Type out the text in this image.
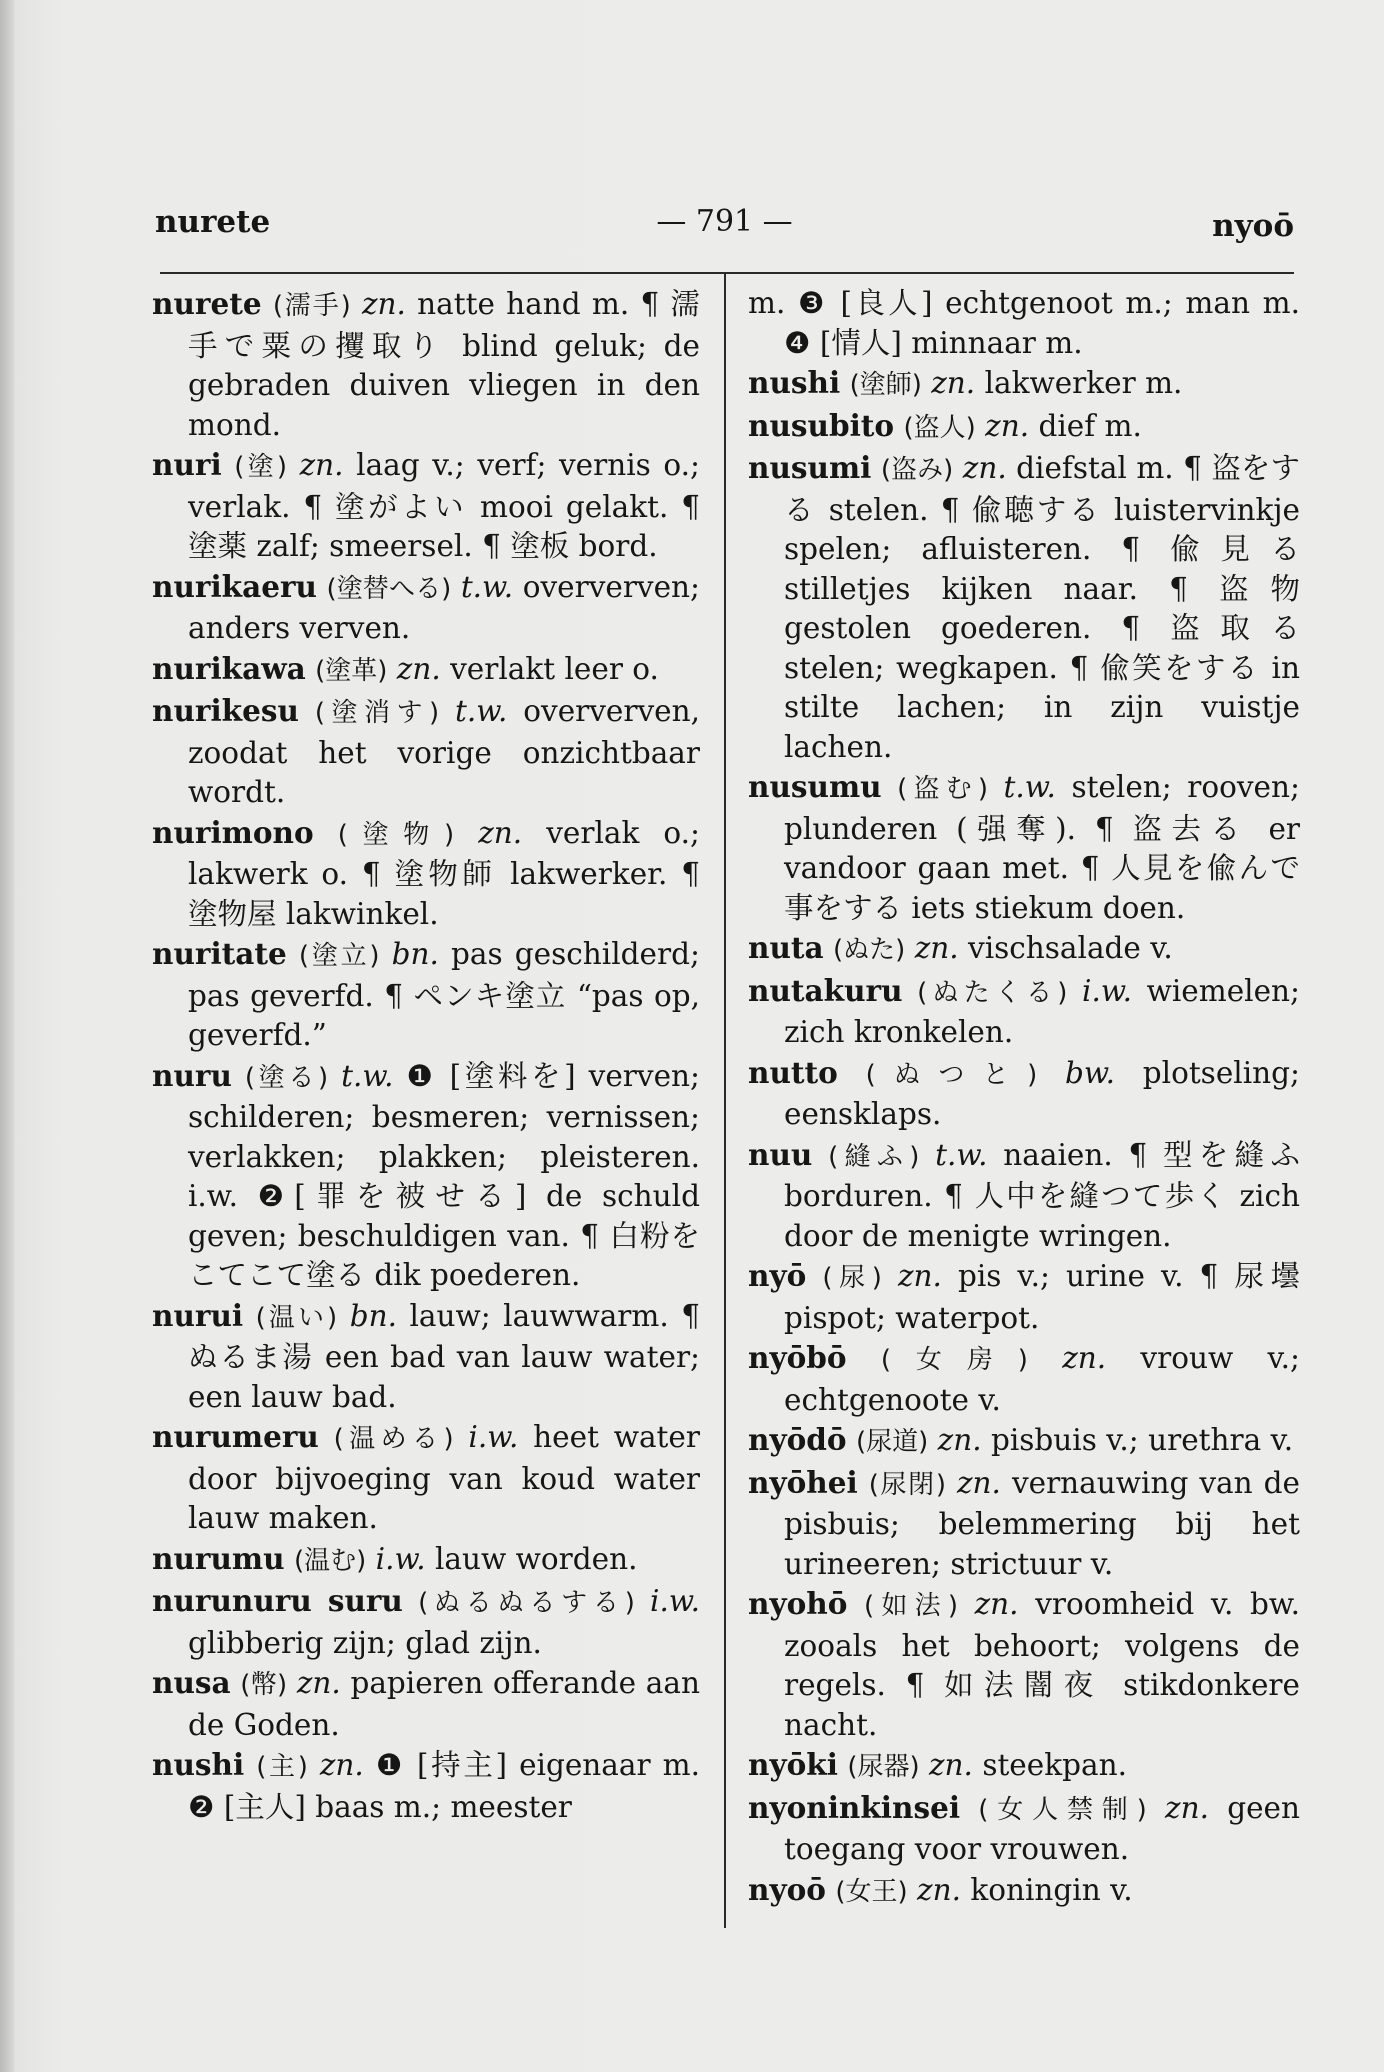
nurete	— 791 —	nyoō

nurete (濡手) zn. natte hand m. ¶ 濡手で粟の攫取り blind geluk; de gebraden duiven vliegen in den mond.

nuri (塗) zn. laag v.; verf; vernis o.; verlak. ¶ 塗がよい mooi gelakt. ¶ 塗薬 zalf; smeersel. ¶ 塗板 bord.

nurikaeru (塗替へる) t.w. oververven; anders verven.

nurikawa (塗革) zn. verlakt leer o.

nurikesu (塗消す) t.w. oververven, zoodat het vorige onzichtbaar wordt.

nurimono (塗物) zn. verlak o.; lakwerk o. ¶ 塗物師 lakwerker. ¶ 塗物屋 lakwinkel.

nuritate (塗立) bn. pas geschilderd; pas geverfd. ¶ ペンキ塗立 “pas op, geverfd.”

nuru (塗る) t.w. ❶ [塗料を] verven; schilderen; besmeren; vernissen; verlakken; plakken; pleisteren. i.w. ❷[罪を被せる] de schuld geven; beschuldigen van. ¶ 白粉をこてこて塗る dik poederen.

nurui (温い) bn. lauw; lauwwarm. ¶ ぬるま湯 een bad van lauw water; een lauw bad.

nurumeru (温める) i.w. heet water door bijvoeging van koud water lauw maken.

nurumu (温む) i.w. lauw worden.

nurunuru suru (ぬるぬるする) i.w. glibberig zijn; glad zijn.

nusa (幣) zn. papieren offerande aan de Goden.

nushi (主) zn. ❶ [持主] eigenaar m. ❷ [主人] baas m.; meester

m. ❸ [良人] echtgenoot m.; man m. ❹ [情人] minnaar m.

nushi (塗師) zn. lakwerker m.

nusubito (盗人) zn. dief m.

nusumi (盗み) zn. diefstal m. ¶ 盗をする stelen. ¶ 偸聴する luistervinkje spelen; afluisteren. ¶ 偸見る stilletjes kijken naar. ¶ 盗物 gestolen goederen. ¶ 盗取る stelen; wegkapen. ¶ 偸笑をする in stilte lachen; in zijn vuistje lachen.

nusumu (盗む) t.w. stelen; rooven; plunderen (强奪). ¶ 盗去る er vandoor gaan met. ¶ 人見を偸んで事をする iets stiekum doen.

nuta (ぬた) zn. vischsalade v.

nutakuru (ぬたくる) i.w. wiemelen; zich kronkelen.

nutto (ぬつと) bw. plotseling; eensklaps.

nuu (縫ふ) t.w. naaien. ¶ 型を縫ふ borduren. ¶ 人中を縫つて歩く zich door de menigte wringen.

nyō (尿) zn. pis v.; urine v. ¶ 尿壜 pispot; waterpot.

nyōbō (女房) zn. vrouw v.; echtgenoote v.

nyōdō (尿道) zn. pisbuis v.; urethra v.

nyōhei (尿閉) zn. vernauwing van de pisbuis; belemmering bij het urineeren; strictuur v.

nyohō (如法) zn. vroomheid v. bw. zooals het behoort; volgens de regels. ¶ 如法闇夜 stikdonkere nacht.

nyōki (尿器) zn. steekpan.

nyoninkinsei (女人禁制) zn. geen toegang voor vrouwen.

nyoō (女王) zn. koningin v.
